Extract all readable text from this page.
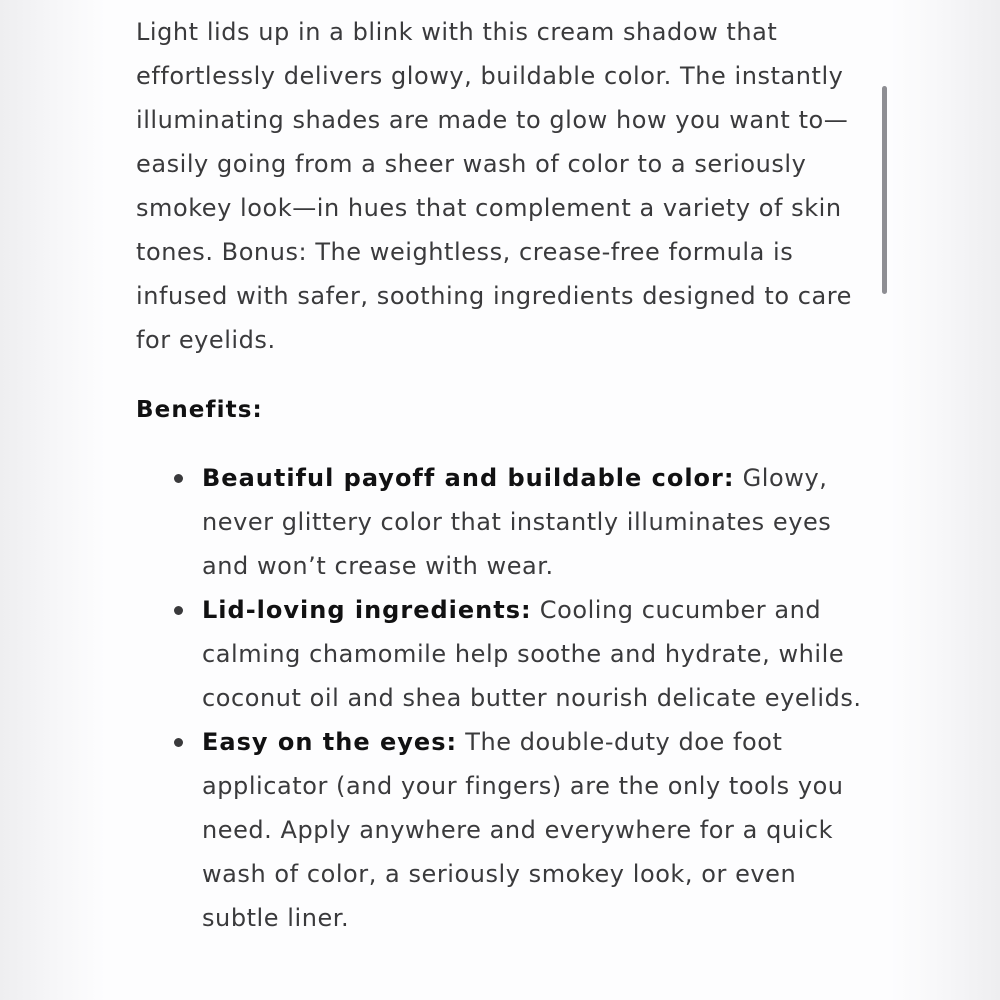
Light lids up in a blink with this cream shadow that effortlessly delivers glowy, buildable color. The instantly illuminating shades are made to glow how you want to—easily going from a sheer wash of color to a seriously smokey look—in hues that complement a variety of skin tones. Bonus: The weightless, crease-free formula is infused with safer, soothing ingredients designed to care for eyelids.

Benefits:
Beautiful payoff and buildable color: Glowy, never glittery color that instantly illuminates eyes and won’t crease with wear.
Lid-loving ingredients: Cooling cucumber and calming chamomile help soothe and hydrate, while coconut oil and shea butter nourish delicate eyelids.
Easy on the eyes: The double-duty doe foot applicator (and your fingers) are the only tools you need. Apply anywhere and everywhere for a quick wash of color, a seriously smokey look, or even subtle liner.
